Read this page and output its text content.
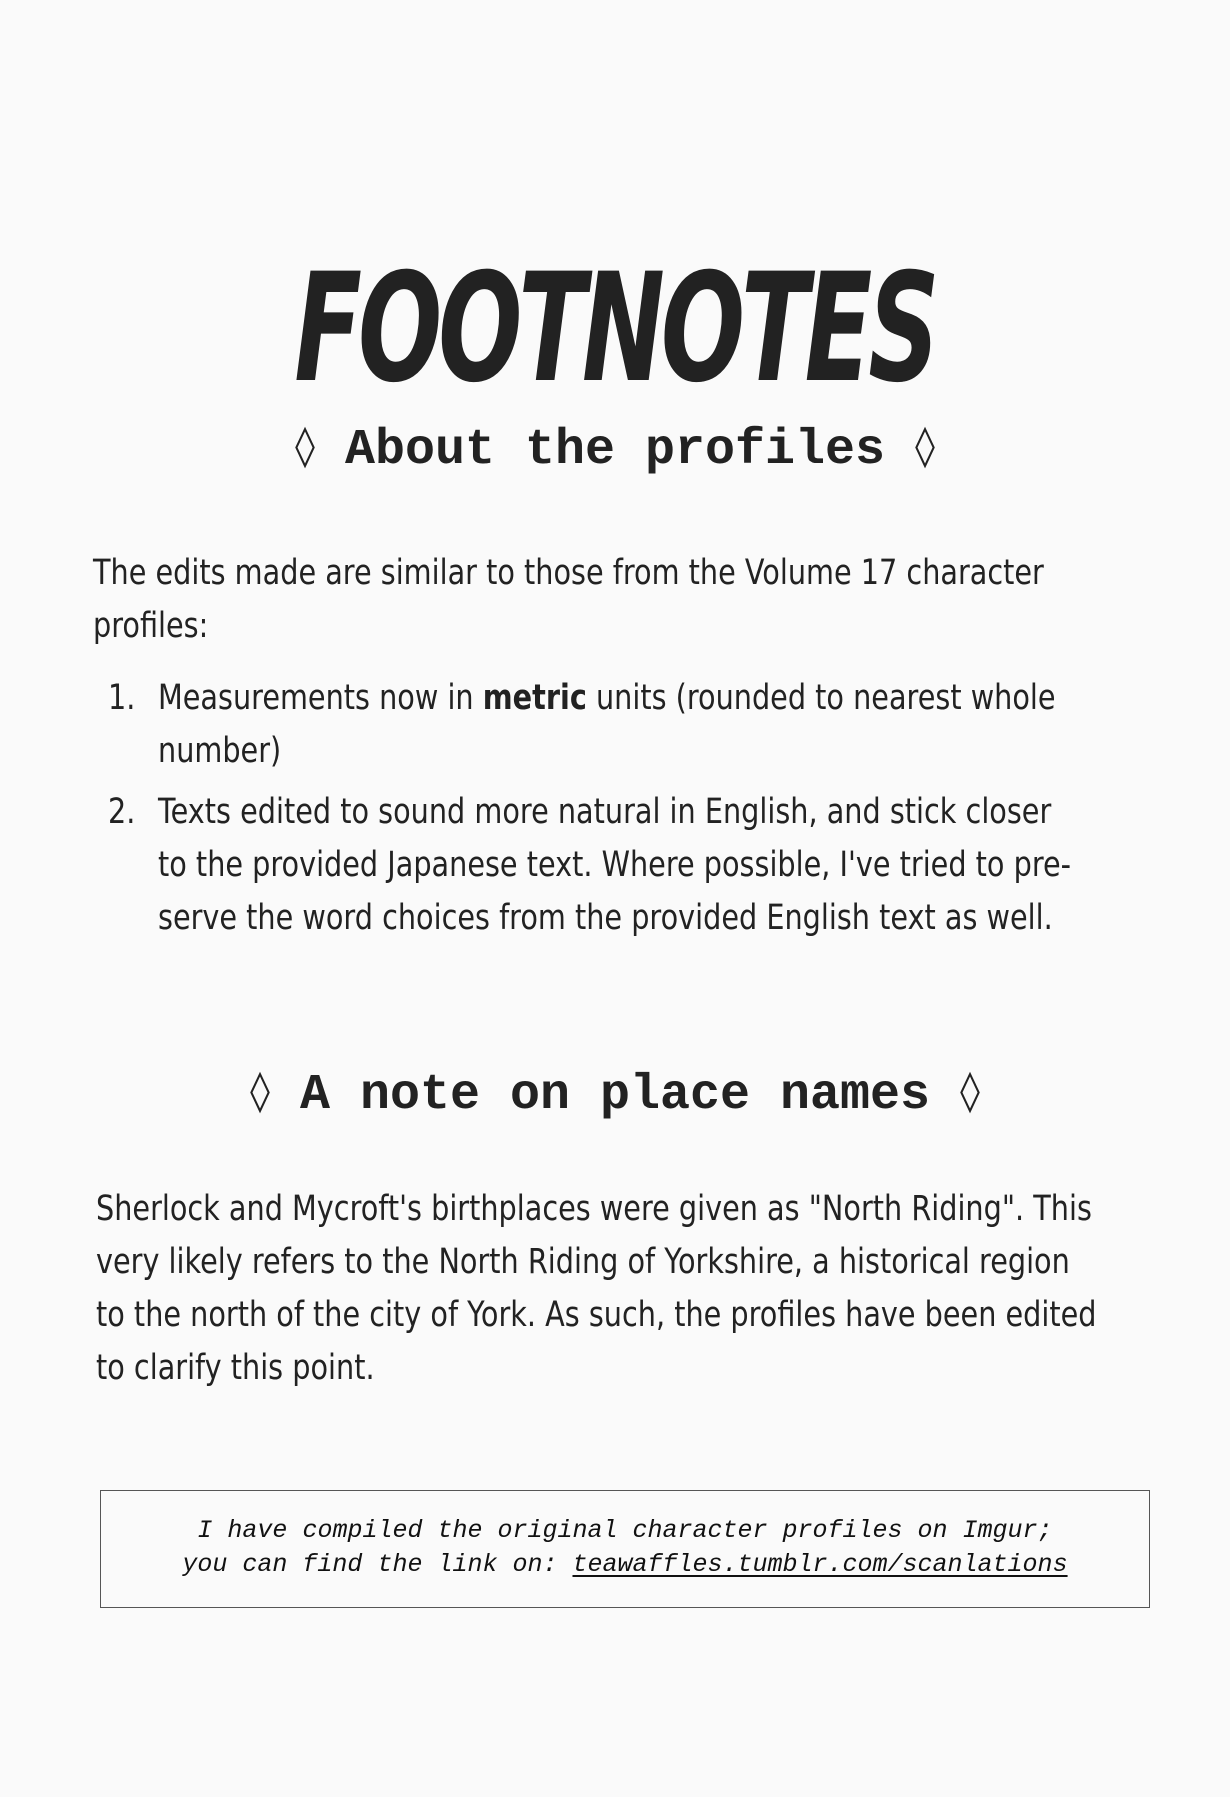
FOOTNOTES
◊ About the profiles ◊
The edits made are similar to those from the Volume 17 character
profiles:
1. Measurements now in metric units (rounded to nearest whole
number)
2. Texts edited to sound more natural in English, and stick closer
to the provided Japanese text. Where possible, I've tried to pre-
serve the word choices from the provided English text as well.
◊ A note on place names ◊
Sherlock and Mycroft's birthplaces were given as "North Riding". This
very likely refers to the North Riding of Yorkshire, a historical region
to the north of the city of York. As such, the profiles have been edited
to clarify this point.
I have compiled the original character profiles on Imgur;
you can find the link on: teawaffles.tumblr.com/scanlations
